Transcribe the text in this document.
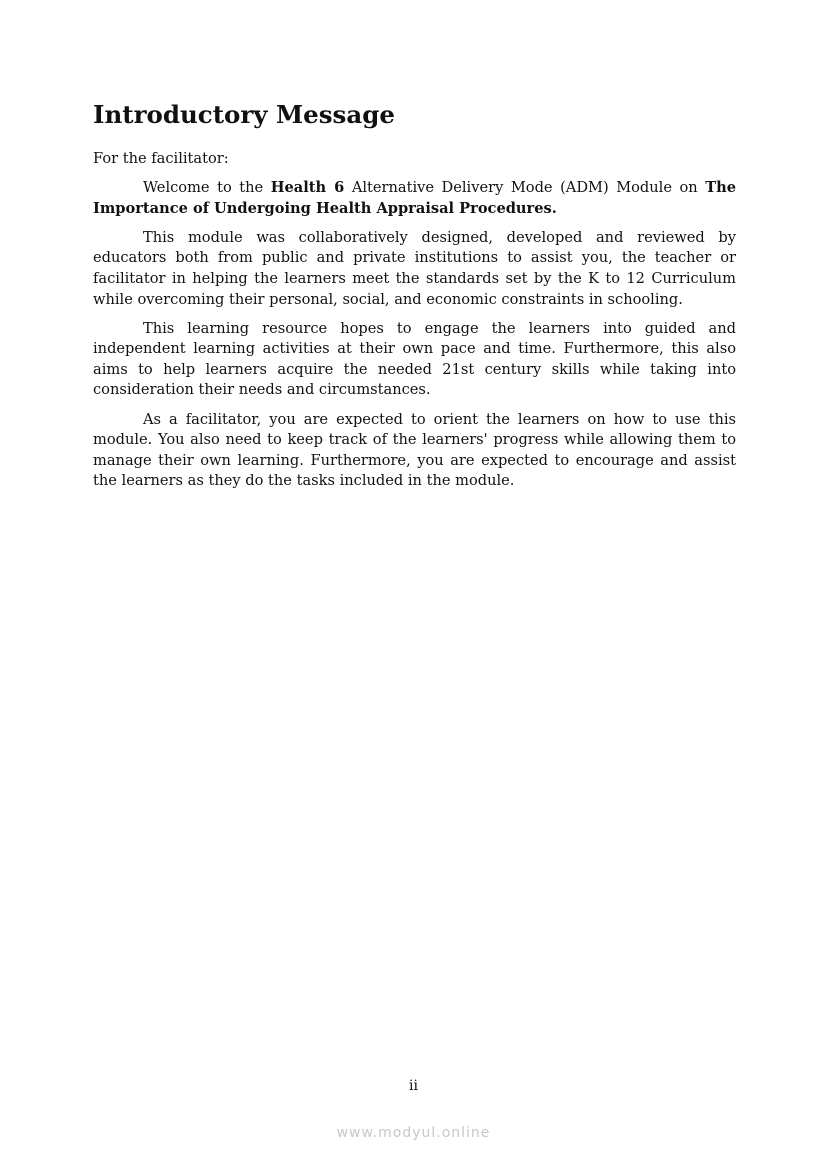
Introductory Message

For the facilitator:

Welcome to the Health 6 Alternative Delivery Mode (ADM) Module on The Importance of Undergoing Health Appraisal Procedures.

This module was collaboratively designed, developed and reviewed by educators both from public and private institutions to assist you, the teacher or facilitator in helping the learners meet the standards set by the K to 12 Curriculum while overcoming their personal, social, and economic constraints in schooling.

This learning resource hopes to engage the learners into guided and independent learning activities at their own pace and time. Furthermore, this also aims to help learners acquire the needed 21st century skills while taking into consideration their needs and circumstances.

As a facilitator, you are expected to orient the learners on how to use this module. You also need to keep track of the learners' progress while allowing them to manage their own learning. Furthermore, you are expected to encourage and assist the learners as they do the tasks included in the module.

ii
www.modyul.online
